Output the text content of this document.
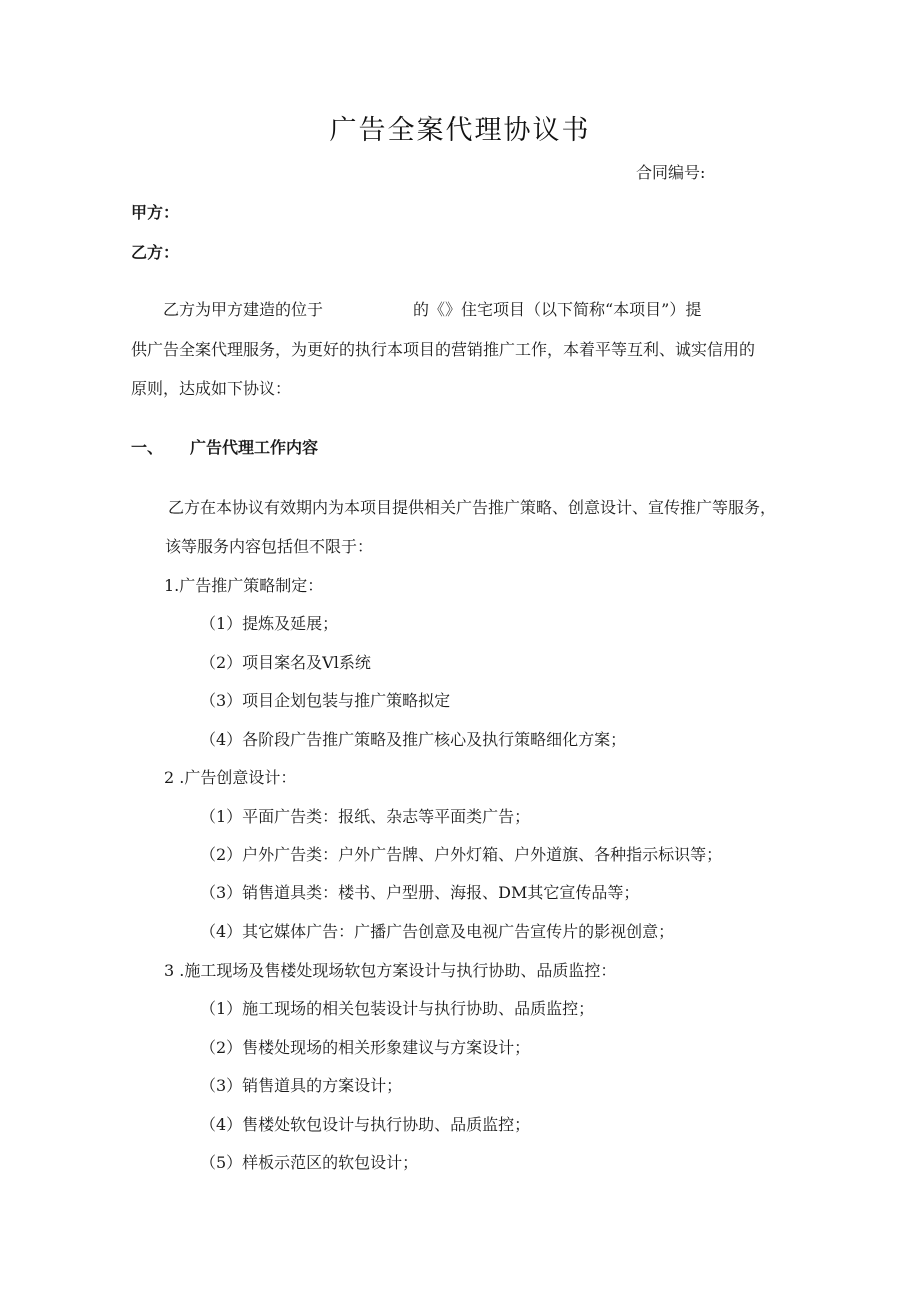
广告全案代理协议书
合同编号:
甲方：
乙方：
乙方为甲方建造的位于	的《》住宅项目（以下简称“本项目”）提
供广告全案代理服务，为更好的执行本项目的营销推广工作，本着平等互利、诚实信用的
原则，达成如下协议：
一、 广告代理工作内容
乙方在本协议有效期内为本项目提供相关广告推广策略、创意设计、宣传推广等服务，
该等服务内容包括但不限于：
1.广告推广策略制定：
（1）提炼及延展；
（2）项目案名及Vl系统
（3）项目企划包装与推广策略拟定
（4）各阶段广告推广策略及推广核心及执行策略细化方案；
2 .广告创意设计：
（1）平面广告类：报纸、杂志等平面类广告；
（2）户外广告类：户外广告牌、户外灯箱、户外道旗、各种指示标识等；
（3）销售道具类：楼书、户型册、海报、DM其它宣传品等；
（4）其它媒体广告：广播广告创意及电视广告宣传片的影视创意；
3 .施工现场及售楼处现场软包方案设计与执行协助、品质监控：
（1）施工现场的相关包装设计与执行协助、品质监控；
（2）售楼处现场的相关形象建议与方案设计；
（3）销售道具的方案设计；
（4）售楼处软包设计与执行协助、品质监控；
（5）样板示范区的软包设计；
